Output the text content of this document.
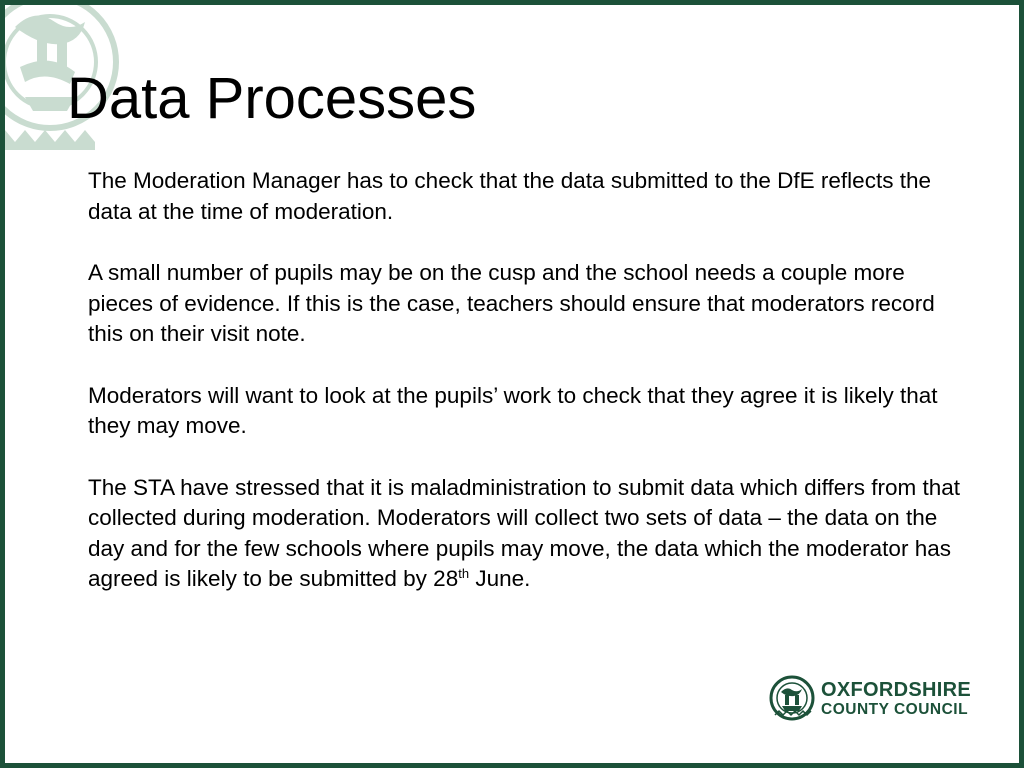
Data Processes

The Moderation Manager has to check that the data submitted to the DfE reflects the data at the time of moderation.

A small number of pupils may be on the cusp and the school needs a couple more pieces of evidence. If this is the case, teachers should ensure that moderators record this on their visit note.

Moderators will want to look at the pupils’ work to check that they agree it is likely that they may move.

The STA have stressed that it is maladministration to submit data which differs from that collected during moderation. Moderators will collect two sets of data – the data on the day and for the few schools where pupils may move, the data which the moderator has agreed is likely to be submitted by 28th June.

OXFORDSHIRE
COUNTY COUNCIL
